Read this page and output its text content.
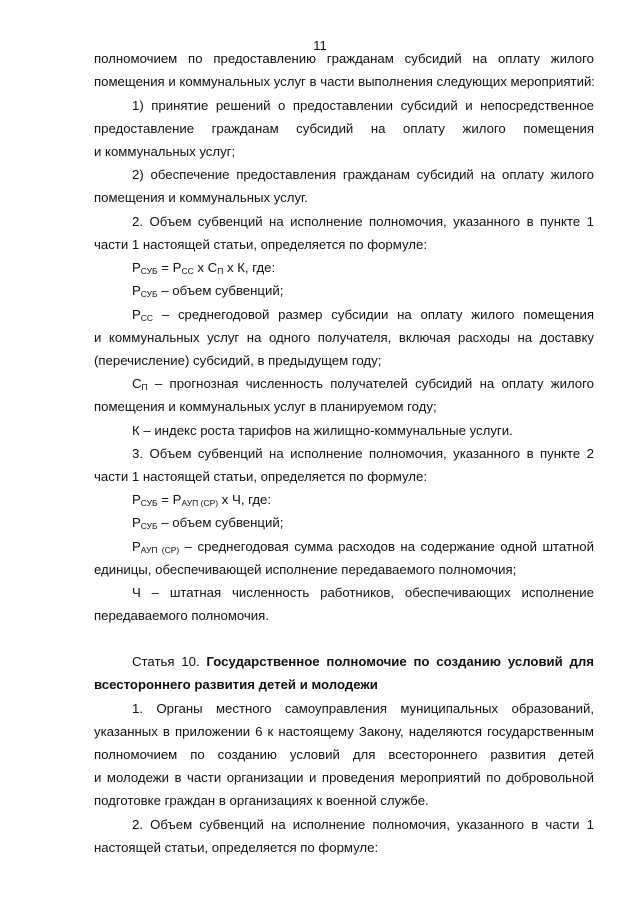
11
полномочием по предоставлению гражданам субсидий на оплату жилого
помещения и коммунальных услуг в части выполнения следующих мероприятий:
1) принятие решений о предоставлении субсидий и непосредственное
предоставление гражданам субсидий на оплату жилого помещения
и коммунальных услуг;
2) обеспечение предоставления гражданам субсидий на оплату жилого
помещения и коммунальных услуг.
2. Объем субвенций на исполнение полномочия, указанного в пункте 1
части 1 настоящей статьи, определяется по формуле:
$Р_{СУБ} = Р_{СС}$ х $С_П$ х К, где:
$Р_{СУБ}$ – объем субвенций;
$Р_{СС}$ – среднегодовой размер субсидии на оплату жилого помещения
и коммунальных услуг на одного получателя, включая расходы на доставку
(перечисление) субсидий, в предыдущем году;
$С_П$ – прогнозная численность получателей субсидий на оплату жилого
помещения и коммунальных услуг в планируемом году;
К – индекс роста тарифов на жилищно-коммунальные услуги.
3. Объем субвенций на исполнение полномочия, указанного в пункте 2
части 1 настоящей статьи, определяется по формуле:
$Р_{СУБ} = Р_{АУП (СР)}$ х Ч, где:
$Р_{СУБ}$ – объем субвенций;
$Р_{АУП (СР)}$ – среднегодовая сумма расходов на содержание одной штатной
единицы, обеспечивающей исполнение передаваемого полномочия;
Ч – штатная численность работников, обеспечивающих исполнение
передаваемого полномочия.
Статья 10. Государственное полномочие по созданию условий для
всестороннего развития детей и молодежи
1. Органы местного самоуправления муниципальных образований,
указанных в приложении 6 к настоящему Закону, наделяются государственным
полномочием по созданию условий для всестороннего развития детей
и молодежи в части организации и проведения мероприятий по добровольной
подготовке граждан в организациях к военной службе.
2. Объем субвенций на исполнение полномочия, указанного в части 1
настоящей статьи, определяется по формуле:
